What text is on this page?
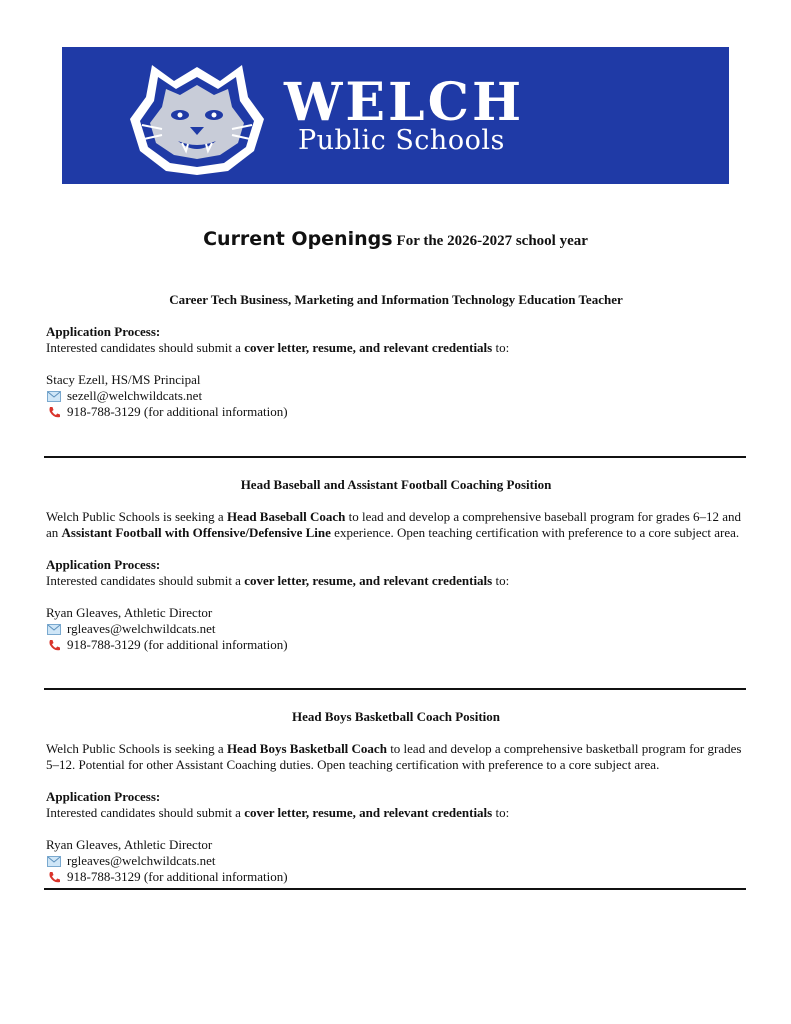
WELCH
Public Schools
Current Openings For the 2026-2027 school year
Career Tech Business, Marketing and Information Technology Education Teacher
Application Process:
Interested candidates should submit a cover letter, resume, and relevant credentials to:
Stacy Ezell, HS/MS Principal
sezell@welchwildcats.net
918-788-3129 (for additional information)
Head Baseball and Assistant Football Coaching Position
Welch Public Schools is seeking a Head Baseball Coach to lead and develop a comprehensive baseball program for grades 6–12 and an Assistant Football with Offensive/Defensive Line experience. Open teaching certification with preference to a core subject area.
Application Process:
Interested candidates should submit a cover letter, resume, and relevant credentials to:
Ryan Gleaves, Athletic Director
rgleaves@welchwildcats.net
918-788-3129 (for additional information)
Head Boys Basketball Coach Position
Welch Public Schools is seeking a Head Boys Basketball Coach to lead and develop a comprehensive basketball program for grades 5–12. Potential for other Assistant Coaching duties. Open teaching certification with preference to a core subject area.
Application Process:
Interested candidates should submit a cover letter, resume, and relevant credentials to:
Ryan Gleaves, Athletic Director
rgleaves@welchwildcats.net
918-788-3129 (for additional information)
